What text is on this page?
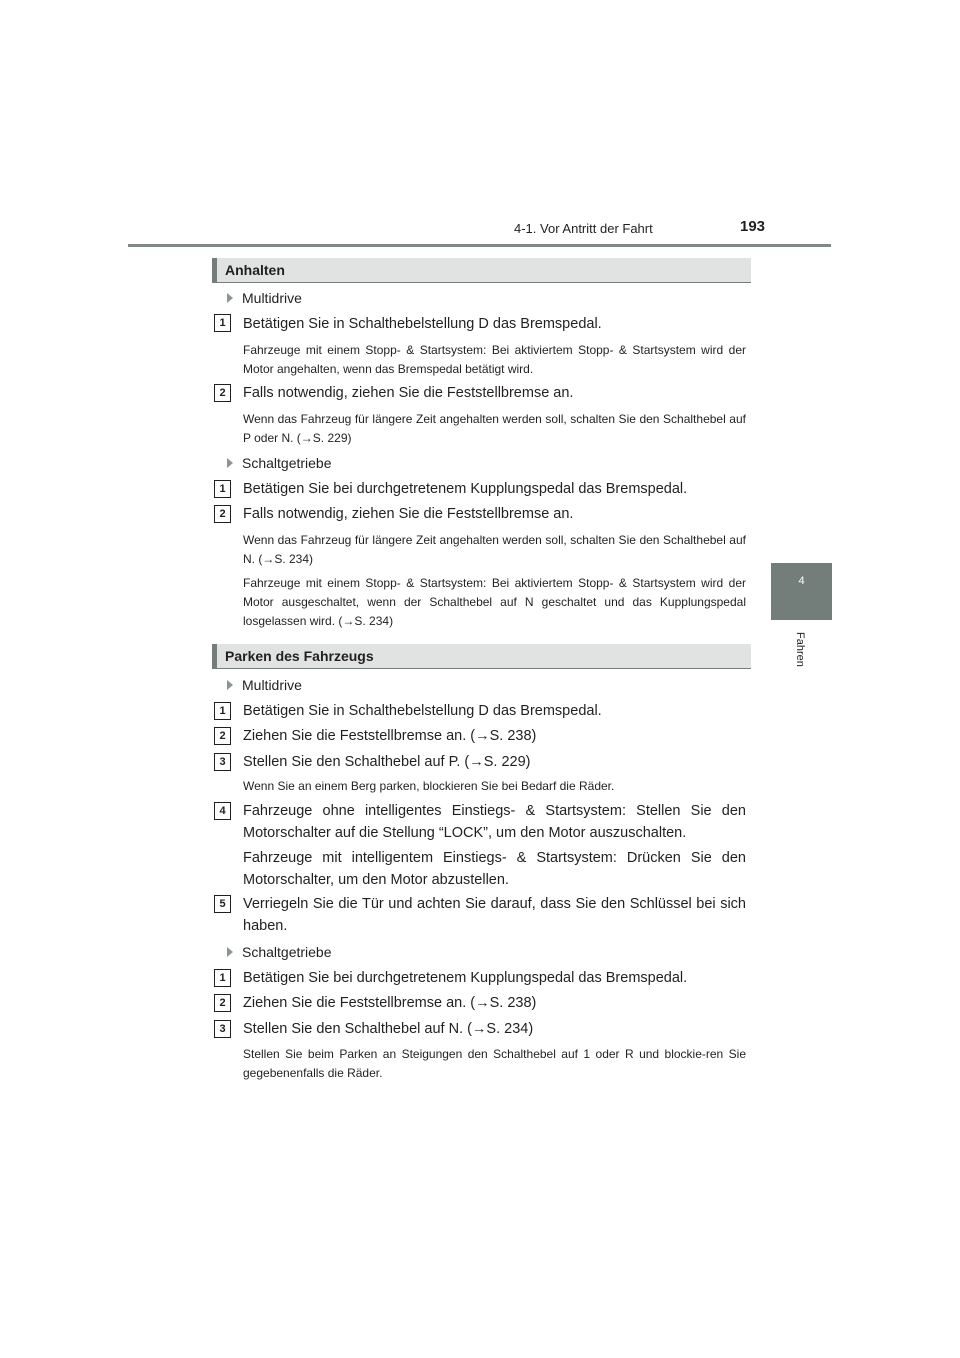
4-1. Vor Antritt der Fahrt	193
4
Fahren
Anhalten
Multidrive
1	Betätigen Sie in Schalthebelstellung D das Bremspedal.
Fahrzeuge mit einem Stopp- & Startsystem: Bei aktiviertem Stopp- & Startsystem wird der Motor angehalten, wenn das Bremspedal betätigt wird.
2	Falls notwendig, ziehen Sie die Feststellbremse an.
Wenn das Fahrzeug für längere Zeit angehalten werden soll, schalten Sie den Schalthebel auf P oder N. (→S. 229)
Schaltgetriebe
1	Betätigen Sie bei durchgetretenem Kupplungspedal das Bremspedal.
2	Falls notwendig, ziehen Sie die Feststellbremse an.
Wenn das Fahrzeug für längere Zeit angehalten werden soll, schalten Sie den Schalthebel auf N. (→S. 234)
Fahrzeuge mit einem Stopp- & Startsystem: Bei aktiviertem Stopp- & Startsystem wird der Motor ausgeschaltet, wenn der Schalthebel auf N geschaltet und das Kupplungspedal losgelassen wird. (→S. 234)
Parken des Fahrzeugs
Multidrive
1	Betätigen Sie in Schalthebelstellung D das Bremspedal.
2	Ziehen Sie die Feststellbremse an. (→S. 238)
3	Stellen Sie den Schalthebel auf P. (→S. 229)
Wenn Sie an einem Berg parken, blockieren Sie bei Bedarf die Räder.
4	Fahrzeuge ohne intelligentes Einstiegs- & Startsystem: Stellen Sie den Motorschalter auf die Stellung “LOCK”, um den Motor auszuschalten.
Fahrzeuge mit intelligentem Einstiegs- & Startsystem: Drücken Sie den Motorschalter, um den Motor abzustellen.
5	Verriegeln Sie die Tür und achten Sie darauf, dass Sie den Schlüssel bei sich haben.
Schaltgetriebe
1	Betätigen Sie bei durchgetretenem Kupplungspedal das Bremspedal.
2	Ziehen Sie die Feststellbremse an. (→S. 238)
3	Stellen Sie den Schalthebel auf N. (→S. 234)
Stellen Sie beim Parken an Steigungen den Schalthebel auf 1 oder R und blockie-ren Sie gegebenenfalls die Räder.
